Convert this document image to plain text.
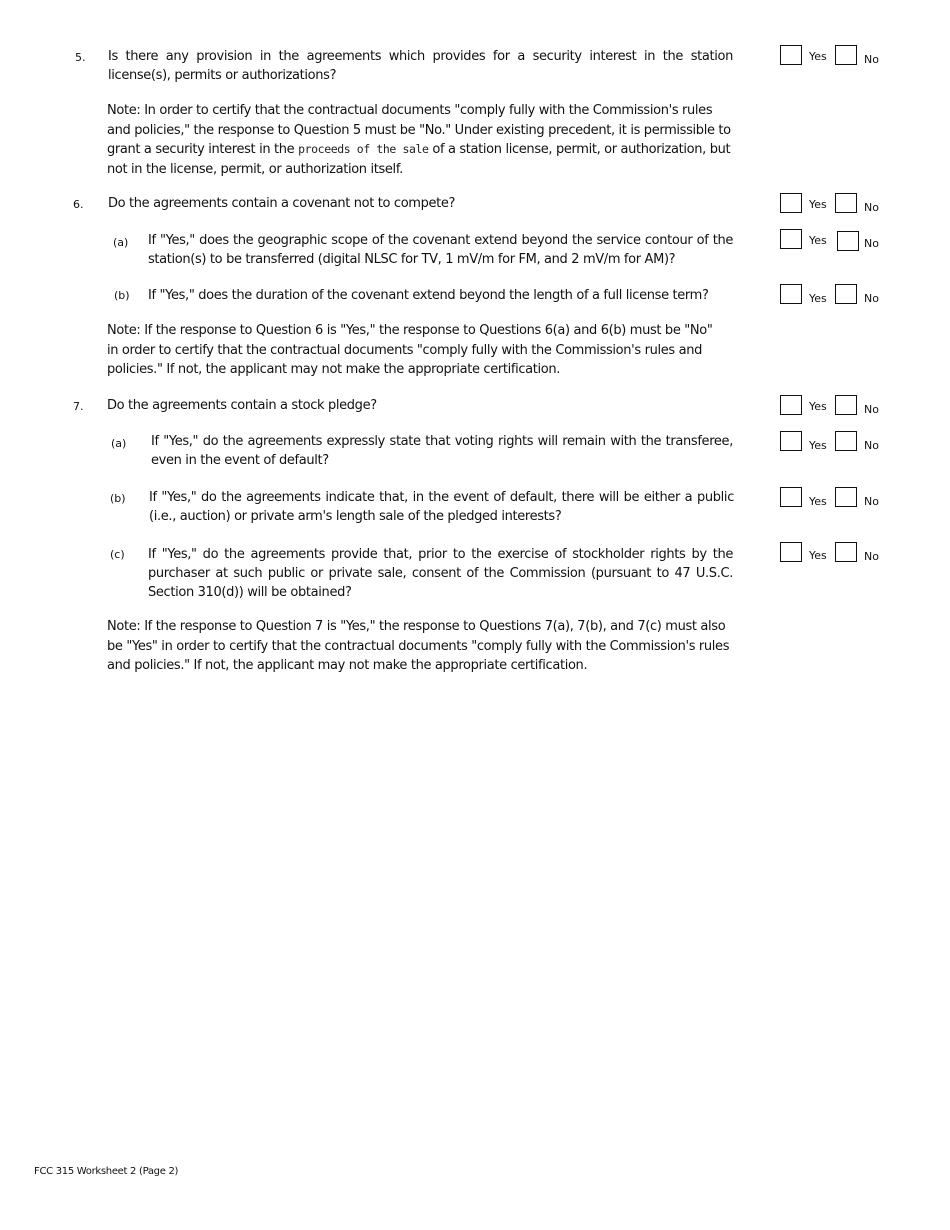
5. Is there any provision in the agreements which provides for a security interest in the station license(s), permits or authorizations?
Yes	No
Note: In order to certify that the contractual documents "comply fully with the Commission's rules and policies," the response to Question 5 must be "No." Under existing precedent, it is permissible to grant a security interest in the proceeds of the sale of a station license, permit, or authorization, but not in the license, permit, or authorization itself.
6. Do the agreements contain a covenant not to compete?	Yes	No
(a) If "Yes," does the geographic scope of the covenant extend beyond the service contour of the station(s) to be transferred (digital NLSC for TV, 1 mV/m for FM, and 2 mV/m for AM)?
Yes	No
(b) If "Yes," does the duration of the covenant extend beyond the length of a full license term?	Yes	No
Note: If the response to Question 6 is "Yes," the response to Questions 6(a) and 6(b) must be "No" in order to certify that the contractual documents "comply fully with the Commission's rules and policies." If not, the applicant may not make the appropriate certification.
7. Do the agreements contain a stock pledge?	Yes	No
(a) If "Yes," do the agreements expressly state that voting rights will remain with the transferee, even in the event of default?
Yes	No
(b) If "Yes," do the agreements indicate that, in the event of default, there will be either a public (i.e., auction) or private arm's length sale of the pledged interests?
Yes	No
(c) If "Yes," do the agreements provide that, prior to the exercise of stockholder rights by the purchaser at such public or private sale, consent of the Commission (pursuant to 47 U.S.C. Section 310(d)) will be obtained?
Yes	No
Note: If the response to Question 7 is "Yes," the response to Questions 7(a), 7(b), and 7(c) must also be "Yes" in order to certify that the contractual documents "comply fully with the Commission's rules and policies." If not, the applicant may not make the appropriate certification.
FCC 315 Worksheet 2 (Page 2)
